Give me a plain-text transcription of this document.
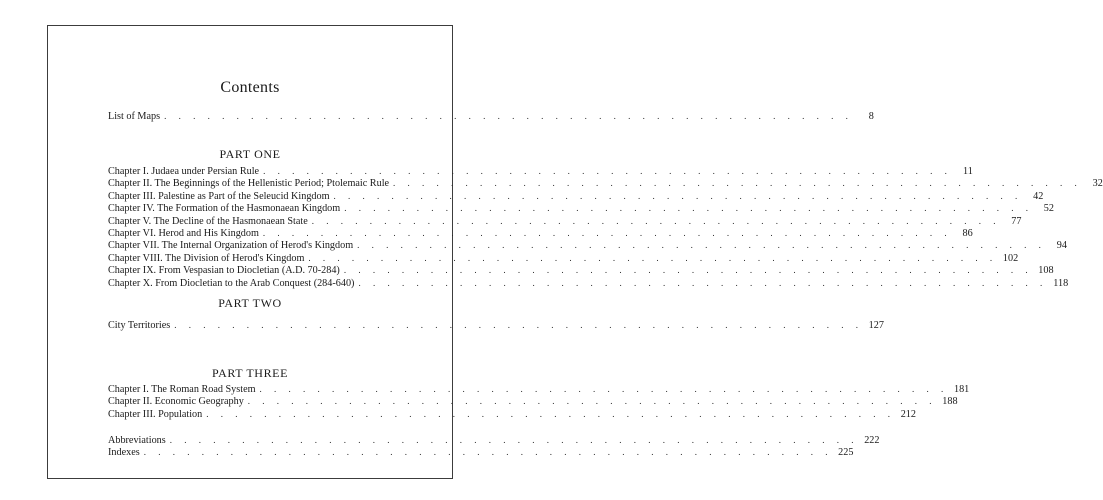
Contents
List of Maps . . . . . . . . . . . . . . . . . . . . . . . . . . . . . . . . . . . . . . . . . . . . . . . .	8
PART ONE
Chapter I. Judaea under Persian Rule . . . . . . . . . . . . . . . . . . . . . . . . . . . . . . . . . . . . . . . . . . . . . . . .	11
Chapter II. The Beginnings of the Hellenistic Period; Ptolemaic Rule . . . . . . . . . . . . . . . . . . . . . . . . . . . . . . . . . . . . . . . . . . . . . . . .	32
Chapter III. Palestine as Part of the Seleucid Kingdom . . . . . . . . . . . . . . . . . . . . . . . . . . . . . . . . . . . . . . . . . . . . . . . .	42
Chapter IV. The Formation of the Hasmonaean Kingdom . . . . . . . . . . . . . . . . . . . . . . . . . . . . . . . . . . . . . . . . . . . . . . . .	52
Chapter V. The Decline of the Hasmonaean State . . . . . . . . . . . . . . . . . . . . . . . . . . . . . . . . . . . . . . . . . . . . . . . .	77
Chapter VI. Herod and His Kingdom . . . . . . . . . . . . . . . . . . . . . . . . . . . . . . . . . . . . . . . . . . . . . . . .	86
Chapter VII. The Internal Organization of Herod's Kingdom . . . . . . . . . . . . . . . . . . . . . . . . . . . . . . . . . . . . . . . . . . . . . . . .	94
Chapter VIII. The Division of Herod's Kingdom . . . . . . . . . . . . . . . . . . . . . . . . . . . . . . . . . . . . . . . . . . . . . . . . 102
Chapter IX. From Vespasian to Diocletian (A.D. 70-284) . . . . . . . . . . . . . . . . . . . . . . . . . . . . . . . . . . . . . . . . . . . . . . . . 108
Chapter X. From Diocletian to the Arab Conquest (284-640) . . . . . . . . . . . . . . . . . . . . . . . . . . . . . . . . . . . . . . . . . . . . . . . . 118
PART TWO
City Territories . . . . . . . . . . . . . . . . . . . . . . . . . . . . . . . . . . . . . . . . . . . . . . . . 127
PART THREE
Chapter I. The Roman Road System . . . . . . . . . . . . . . . . . . . . . . . . . . . . . . . . . . . . . . . . . . . . . . . . 181
Chapter II. Economic Geography . . . . . . . . . . . . . . . . . . . . . . . . . . . . . . . . . . . . . . . . . . . . . . . . 188
Chapter III. Population . . . . . . . . . . . . . . . . . . . . . . . . . . . . . . . . . . . . . . . . . . . . . . . . 212
Abbreviations . . . . . . . . . . . . . . . . . . . . . . . . . . . . . . . . . . . . . . . . . . . . . . . . 222
Indexes . . . . . . . . . . . . . . . . . . . . . . . . . . . . . . . . . . . . . . . . . . . . . . . . 225
